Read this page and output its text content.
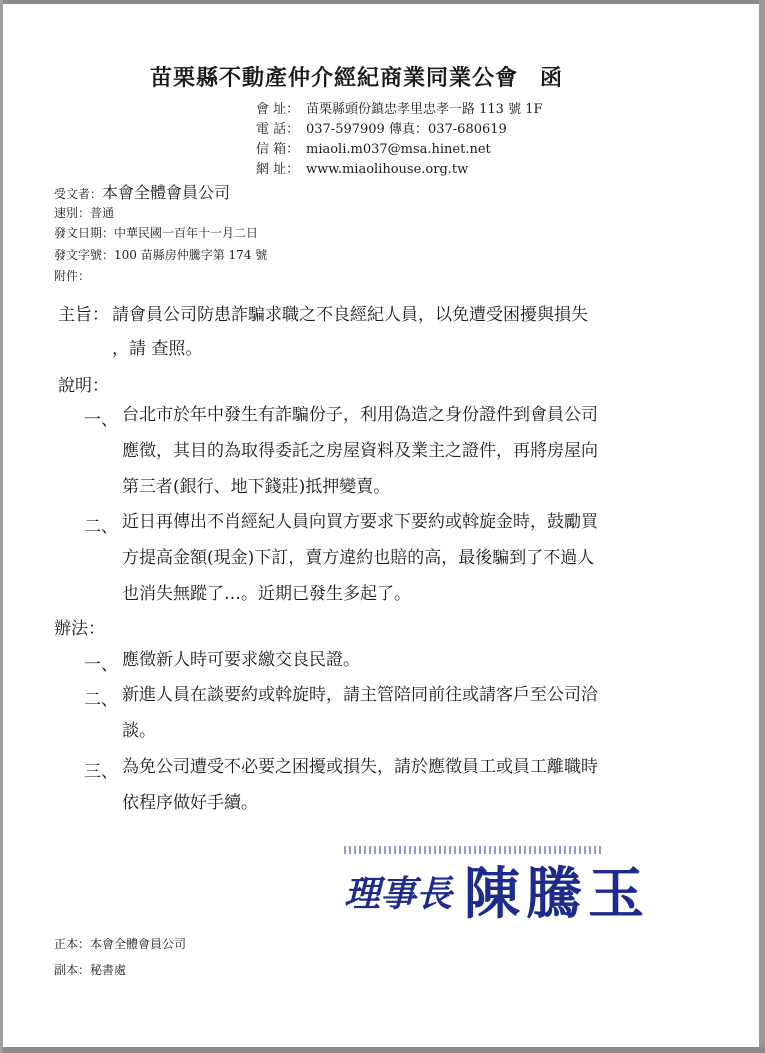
苗栗縣不動產仲介經紀商業同業公會 函
會 址： 苗栗縣頭份鎮忠孝里忠孝一路 113 號 1F
電 話： 037-597909 傳真：037-680619
信 箱： miaoli.m037@msa.hinet.net
網 址： www.miaolihouse.org.tw
受文者：本會全體會員公司
速別：普通
發文日期：中華民國一百年十一月二日
發文字號：100 苗縣房仲騰字第 174 號
附件：
主旨： 請會員公司防患詐騙求職之不良經紀人員，以免遭受困擾與損失
，請 查照。
說明：
一、 台北市於年中發生有詐騙份子，利用偽造之身份證件到會員公司
應徵，其目的為取得委託之房屋資料及業主之證件，再將房屋向
第三者(銀行、地下錢莊)抵押變賣。
二、 近日再傳出不肖經紀人員向買方要求下要約或斡旋金時，鼓勵買
方提高金額(現金)下訂，賣方違約也賠的高，最後騙到了不過人
也消失無蹤了…。近期已發生多起了。
辦法：
一、 應徵新人時可要求繳交良民證。
二、 新進人員在談要約或斡旋時，請主管陪同前往或請客戶至公司洽
談。
三、 為免公司遭受不必要之困擾或損失，請於應徵員工或員工離職時
依程序做好手續。
理事長 陳騰玉
正本：本會全體會員公司
副本：秘書處
